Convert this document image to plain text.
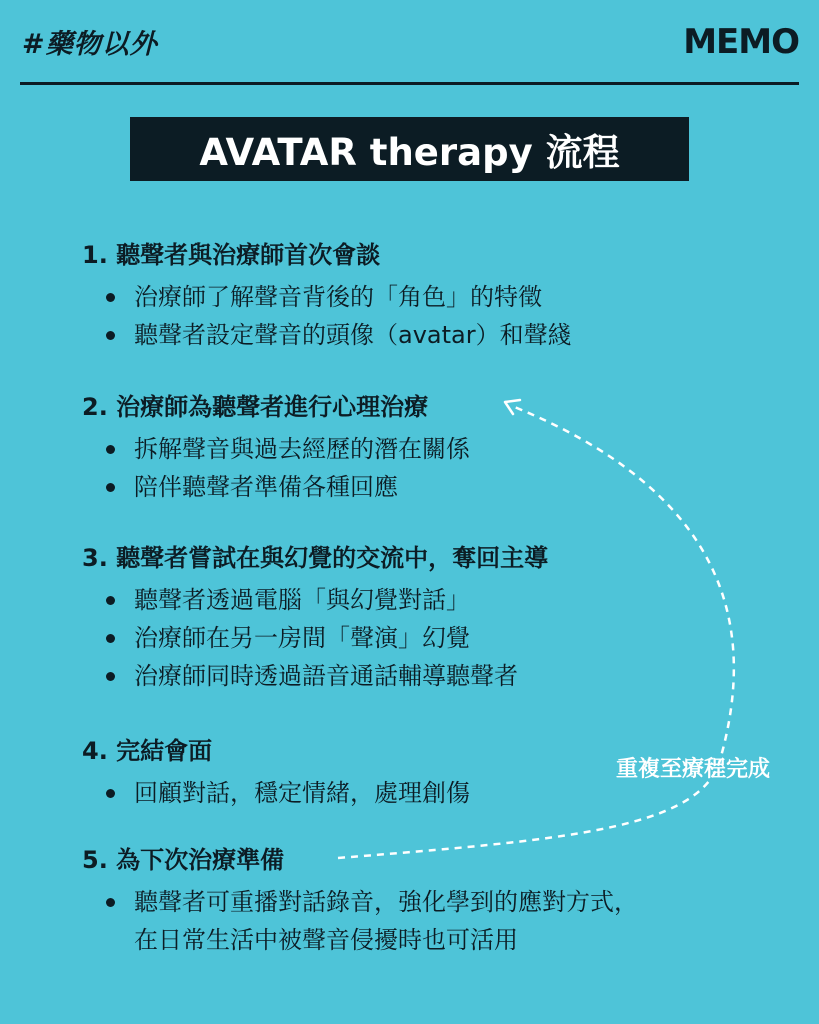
#藥物以外	MEMO
AVATAR therapy 流程
1. 聽聲者與治療師首次會談
治療師了解聲音背後的「角色」的特徵
聽聲者設定聲音的頭像（avatar）和聲綫
2. 治療師為聽聲者進行心理治療
拆解聲音與過去經歷的潛在關係
陪伴聽聲者準備各種回應
3. 聽聲者嘗試在與幻覺的交流中，奪回主導
聽聲者透過電腦「與幻覺對話」
治療師在另一房間「聲演」幻覺
治療師同時透過語音通話輔導聽聲者
4. 完結會面
回顧對話，穩定情緒，處理創傷
5. 為下次治療準備
聽聲者可重播對話錄音，強化學到的應對方式，
在日常生活中被聲音侵擾時也可活用
重複至療程完成
